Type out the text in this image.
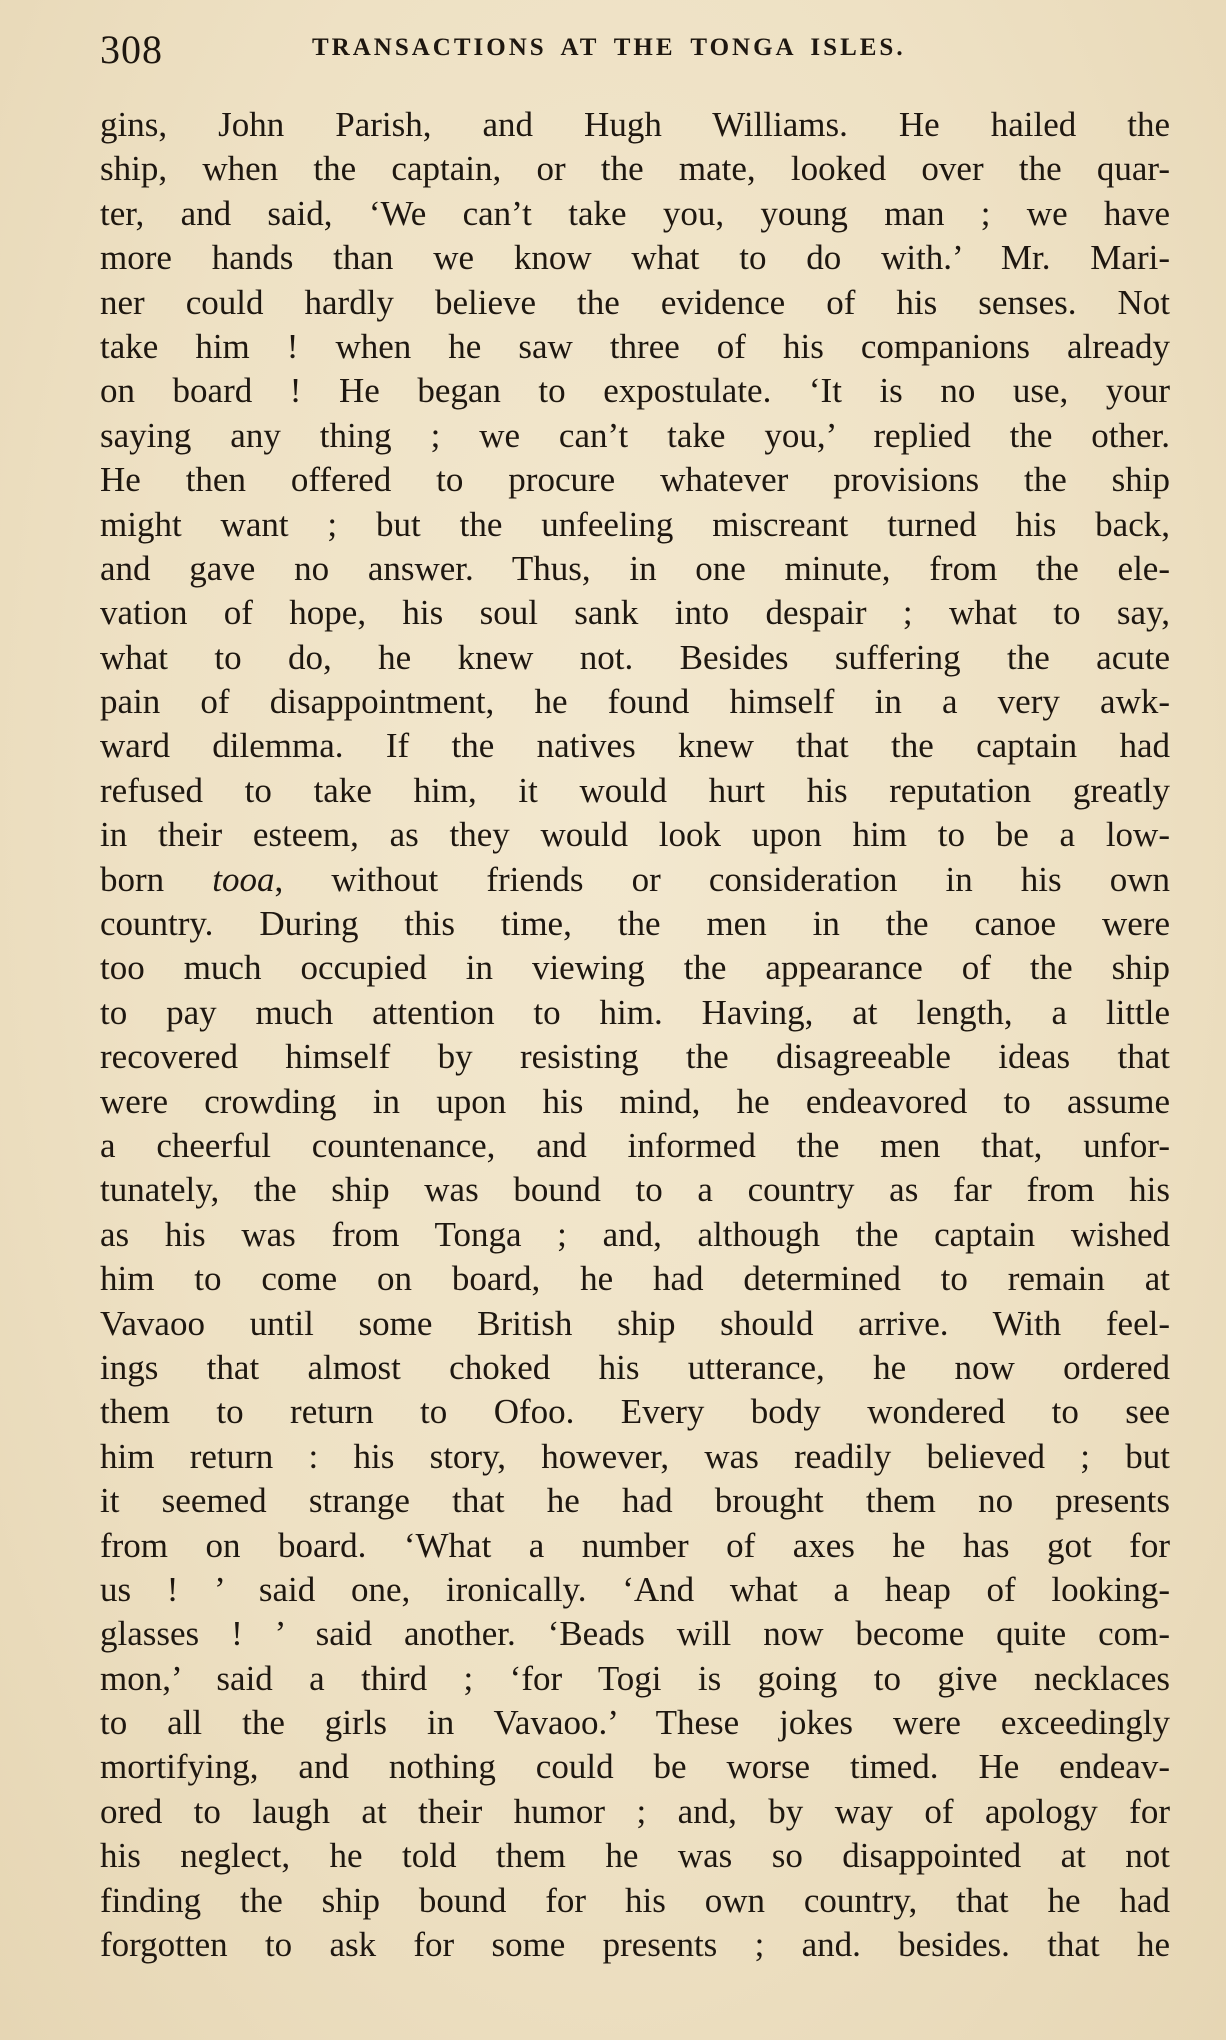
308	TRANSACTIONS AT THE TONGA ISLES.
gins, John Parish, and Hugh Williams. He hailed the
ship, when the captain, or the mate, looked over the quar-
ter, and said, ‘We can’t take you, young man ; we have
more hands than we know what to do with.’ Mr. Mari-
ner could hardly believe the evidence of his senses. Not
take him ! when he saw three of his companions already
on board ! He began to expostulate. ‘It is no use, your
saying any thing ; we can’t take you,’ replied the other.
He then offered to procure whatever provisions the ship
might want ; but the unfeeling miscreant turned his back,
and gave no answer. Thus, in one minute, from the ele-
vation of hope, his soul sank into despair ; what to say,
what to do, he knew not. Besides suffering the acute
pain of disappointment, he found himself in a very awk-
ward dilemma. If the natives knew that the captain had
refused to take him, it would hurt his reputation greatly
in their esteem, as they would look upon him to be a low-
born tooa, without friends or consideration in his own
country. During this time, the men in the canoe were
too much occupied in viewing the appearance of the ship
to pay much attention to him. Having, at length, a little
recovered himself by resisting the disagreeable ideas that
were crowding in upon his mind, he endeavored to assume
a cheerful countenance, and informed the men that, unfor-
tunately, the ship was bound to a country as far from his
as his was from Tonga ; and, although the captain wished
him to come on board, he had determined to remain at
Vavaoo until some British ship should arrive. With feel-
ings that almost choked his utterance, he now ordered
them to return to Ofoo. Every body wondered to see
him return : his story, however, was readily believed ; but
it seemed strange that he had brought them no presents
from on board. ‘What a number of axes he has got for
us ! ’ said one, ironically. ‘And what a heap of looking-
glasses ! ’ said another. ‘Beads will now become quite com-
mon,’ said a third ; ‘for Togi is going to give necklaces
to all the girls in Vavaoo.’ These jokes were exceedingly
mortifying, and nothing could be worse timed. He endeav-
ored to laugh at their humor ; and, by way of apology for
his neglect, he told them he was so disappointed at not
finding the ship bound for his own country, that he had
forgotten to ask for some presents ; and. besides. that he
